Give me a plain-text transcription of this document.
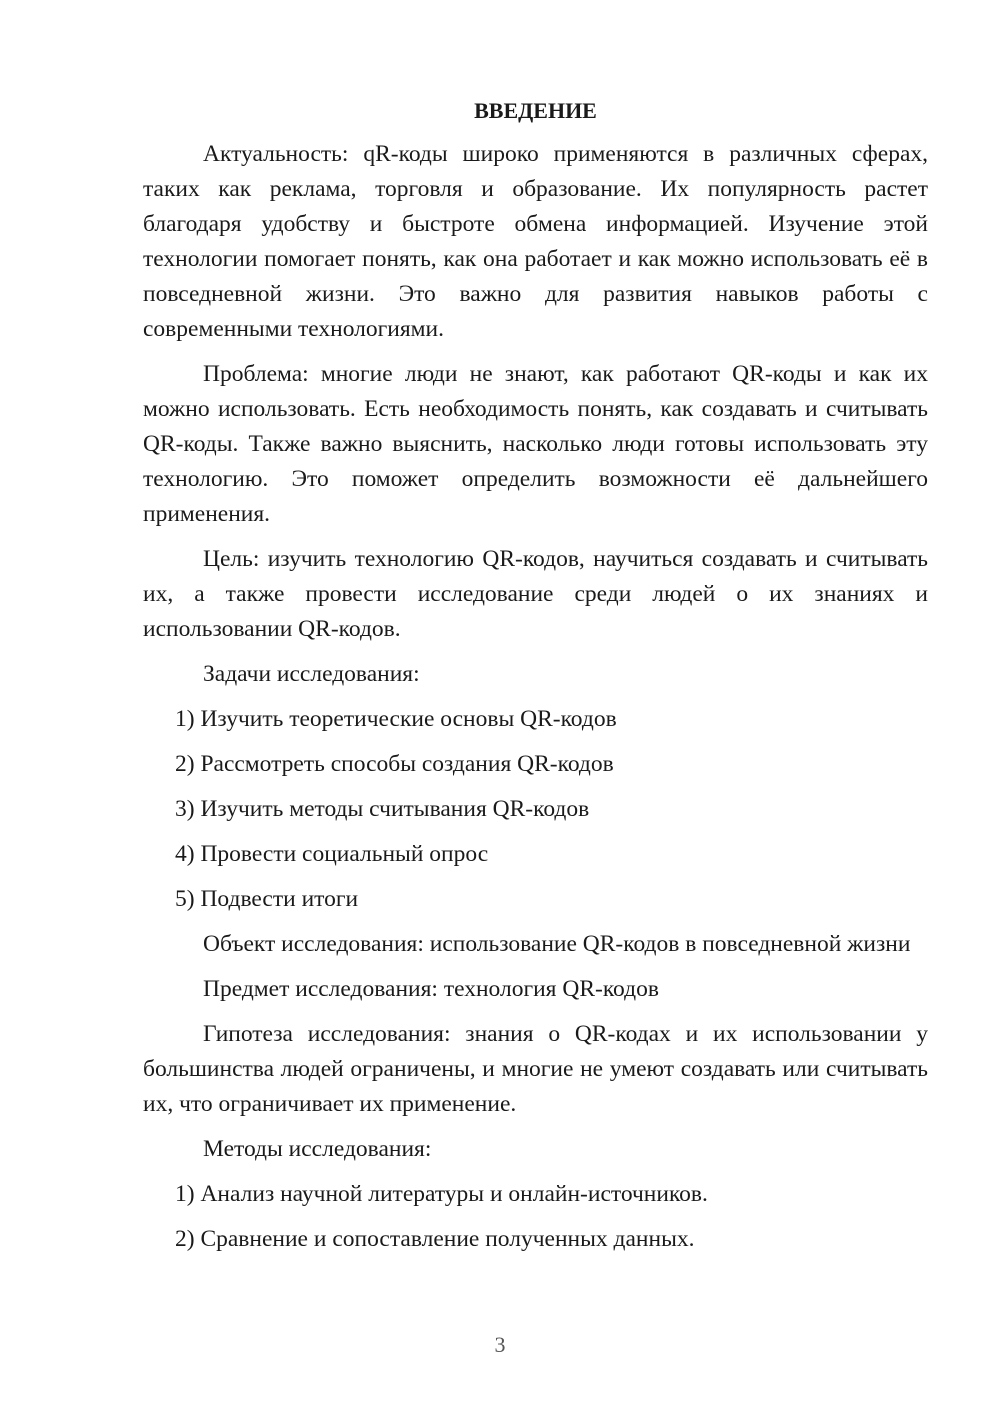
ВВЕДЕНИЕ

Актуальность: qR-коды широко применяются в различных сферах, таких как реклама, торговля и образование. Их популярность растет благодаря удобству и быстроте обмена информацией. Изучение этой технологии помогает понять, как она работает и как можно использовать её в повседневной жизни. Это важно для развития навыков работы с современными технологиями.

Проблема: многие люди не знают, как работают QR-коды и как их можно использовать. Есть необходимость понять, как создавать и считывать QR-коды. Также важно выяснить, насколько люди готовы использовать эту технологию. Это поможет определить возможности её дальнейшего применения.

Цель: изучить технологию QR-кодов, научиться создавать и считывать их, а также провести исследование среди людей о их знаниях и использовании QR-кодов.

Задачи исследования:

1) Изучить теоретические основы QR-кодов

2) Рассмотреть способы создания QR-кодов

3) Изучить методы считывания QR-кодов

4) Провести социальный опрос

5) Подвести итоги

Объект исследования: использование QR-кодов в повседневной жизни

Предмет исследования: технология QR-кодов

Гипотеза исследования: знания о QR-кодах и их использовании у большинства людей ограничены, и многие не умеют создавать или считывать их, что ограничивает их применение.

Методы исследования:

1) Анализ научной литературы и онлайн-источников.

2) Сравнение и сопоставление полученных данных.

3
